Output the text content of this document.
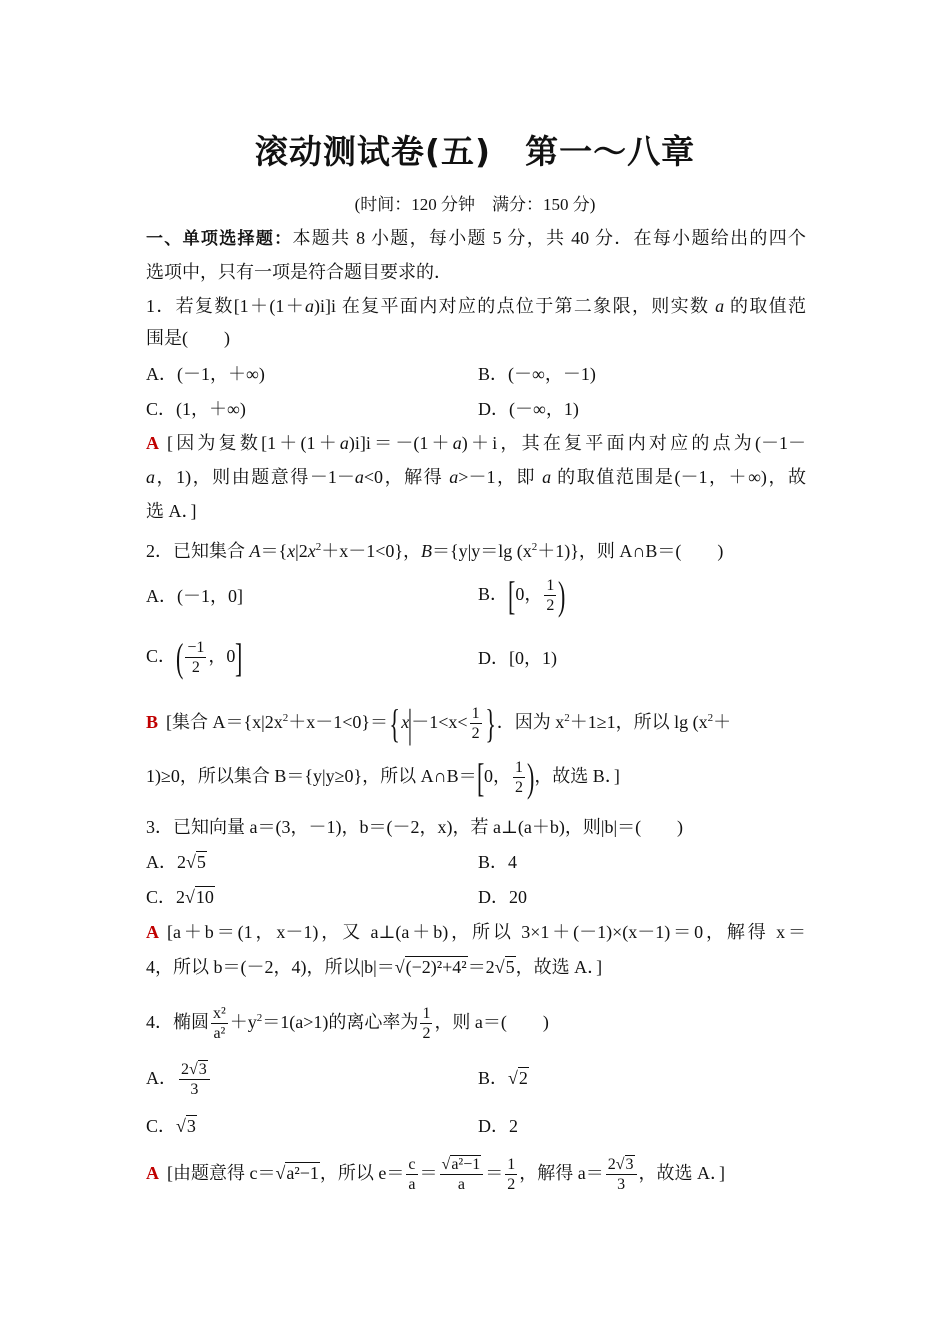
滚动测试卷(五)　第一～八章
(时间：120 分钟　满分：150 分)
一、单项选择题：本题共 8 小题，每小题 5 分，共 40 分．在每小题给出的四个
选项中，只有一项是符合题目要求的．
1．若复数[1＋(1＋a)i]i 在复平面内对应的点位于第二象限，则实数 a 的取值范
围是(　　)
A．(－1，＋∞)	B．(－∞，－1)
C．(1，＋∞)	D．(－∞，1)
A [因为复数[1＋(1＋a)i]i＝－(1＋a)＋i，其在复平面内对应的点为(－1－
a，1)，则由题意得－1－a<0，解得 a>－1，即 a 的取值范围是(－1，＋∞)，故
选 A．]
2．已知集合 $A=\{x|2x^2+x-1<0\}$，B＝{y|y＝lg $(x^2+1)$}，则 A∩B＝(　　)
A．(－1，0]	B．[0， $\frac{1}{2}$ )
C．( $\frac{-1}{2}$ ，0]	D．[0，1)
B [集合 $A=\{x|2x^2+x-1<0\}=\{x|-1<x< \frac{1}{2}$ }．因为 $x^2+1\ge 1$，所以 $\lg (x^2+$
1)≥0，所以集合 B＝{y|y≥0}，所以 A∩B＝[0， $\frac{1}{2}$ )，故选 B．]
3．已知向量 a＝(3，－1)，b＝(－2，x)，若 a⊥(a＋b)，则|b|＝(　　)
A．2√5	B．4
C．2√10	D．20
A [a＋b＝(1，x－1)，又 a⊥(a＋b)，所以 3×1＋(－1)×(x－1)＝0，解得 x＝
4，所以 b＝(－2，4)，所以|b|＝√(−2)²+4²＝2√5，故选 A．]
4．椭圆 $\frac{\text{x²}}{\text{a²}} +y^2=1(a>1)$的离心率为 $\frac{1}{2}$ ，则 a＝(　　)
A． $\frac{2√3}{3}$	B．√2
C．√3	D．2
A [由题意得 c＝√a²−1，所以 $e= \frac{c}{a} = \frac{\text{√a²−1}}{a} = \frac{1}{2}$ ，解得 $a= \frac{2√3}{3}$ ，故选 A．]
